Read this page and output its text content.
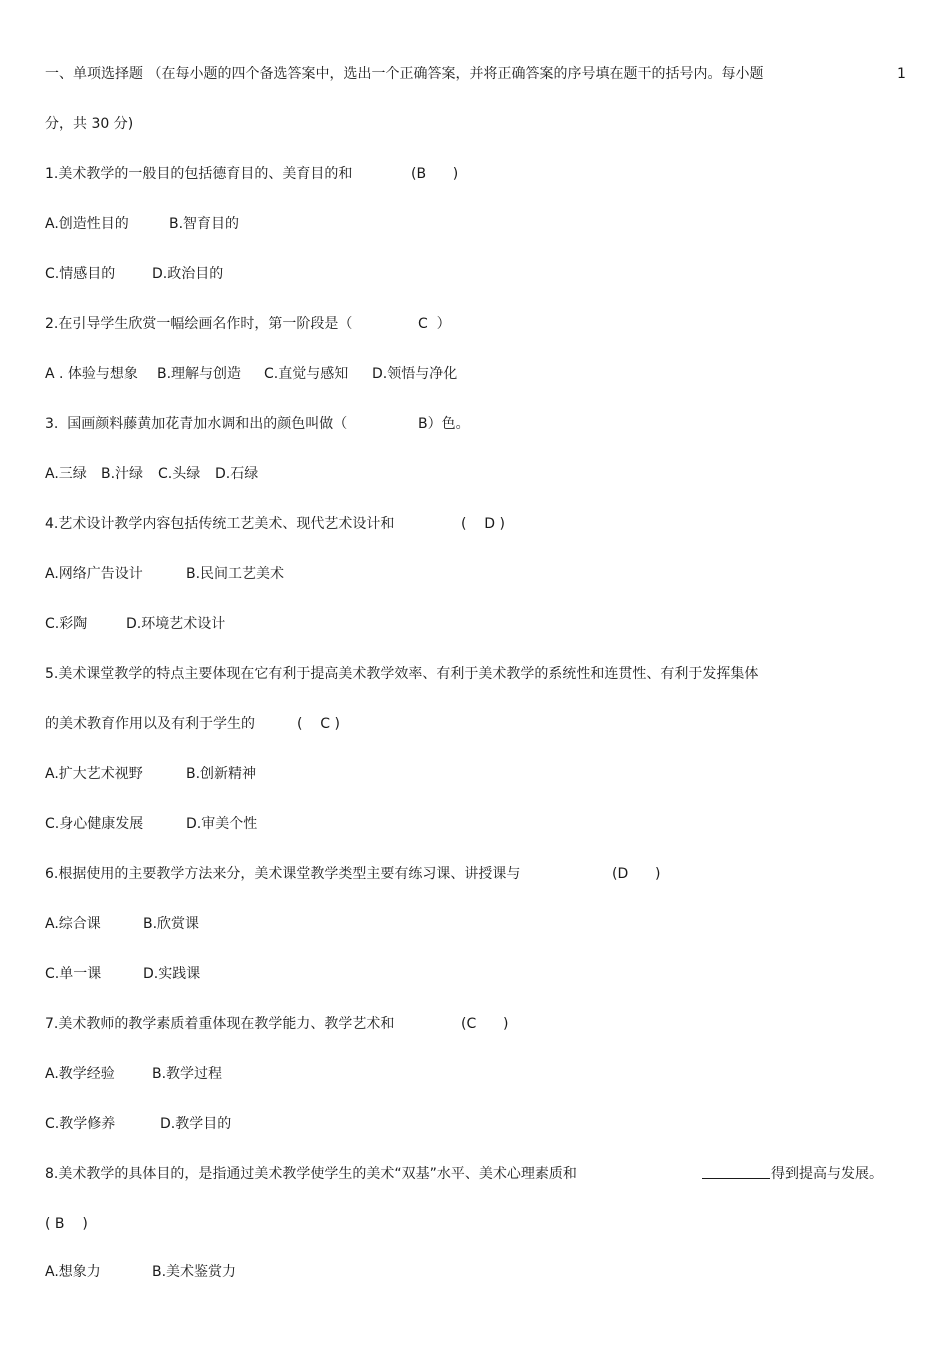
一、单项选择题 （在每小题的四个备选答案中，选出一个正确答案，并将正确答案的序号填在题干的括号内。每小题	1

分，共 30 分)

1.美术教学的一般目的包括德育目的、美育目的和

	(B      )

A.创造性目的

	B.智育目的

C.情感目的

	D.政治目的

2.在引导学生欣赏一幅绘画名作时，第一阶段是（

	C  ）

A . 体验与想象

B.理解与创造

C.直觉与感知

D.领悟与净化

3.  国画颜料藤黄加花青加水调和出的颜色叫做（

	B）色。

A.三绿

B.汁绿

C.头绿

D.石绿

4.艺术设计教学内容包括传统工艺美术、现代艺术设计和

	(    D )

A.网络广告设计

	B.民间工艺美术

C.彩陶

	D.环境艺术设计

5.美术课堂教学的特点主要体现在它有利于提高美术教学效率、有利于美术教学的系统性和连贯性、有利于发挥集体

的美术教育作用以及有利于学生的

	(    C )

A.扩大艺术视野

	B.创新精神

C.身心健康发展

	D.审美个性

6.根据使用的主要教学方法来分，美术课堂教学类型主要有练习课、讲授课与

	(D      )

A.综合课

	B.欣赏课

C.单一课

	D.实践课

7.美术教师的教学素质着重体现在教学能力、教学艺术和

	(C      )

A.教学经验

	B.教学过程

C.教学修养

	D.教学目的

8.美术教学的具体目的，是指通过美术教学使学生的美术“双基”水平、美术心理素质和

	得到提高与发展。

( B    )

A.想象力

	B.美术鉴赏力
